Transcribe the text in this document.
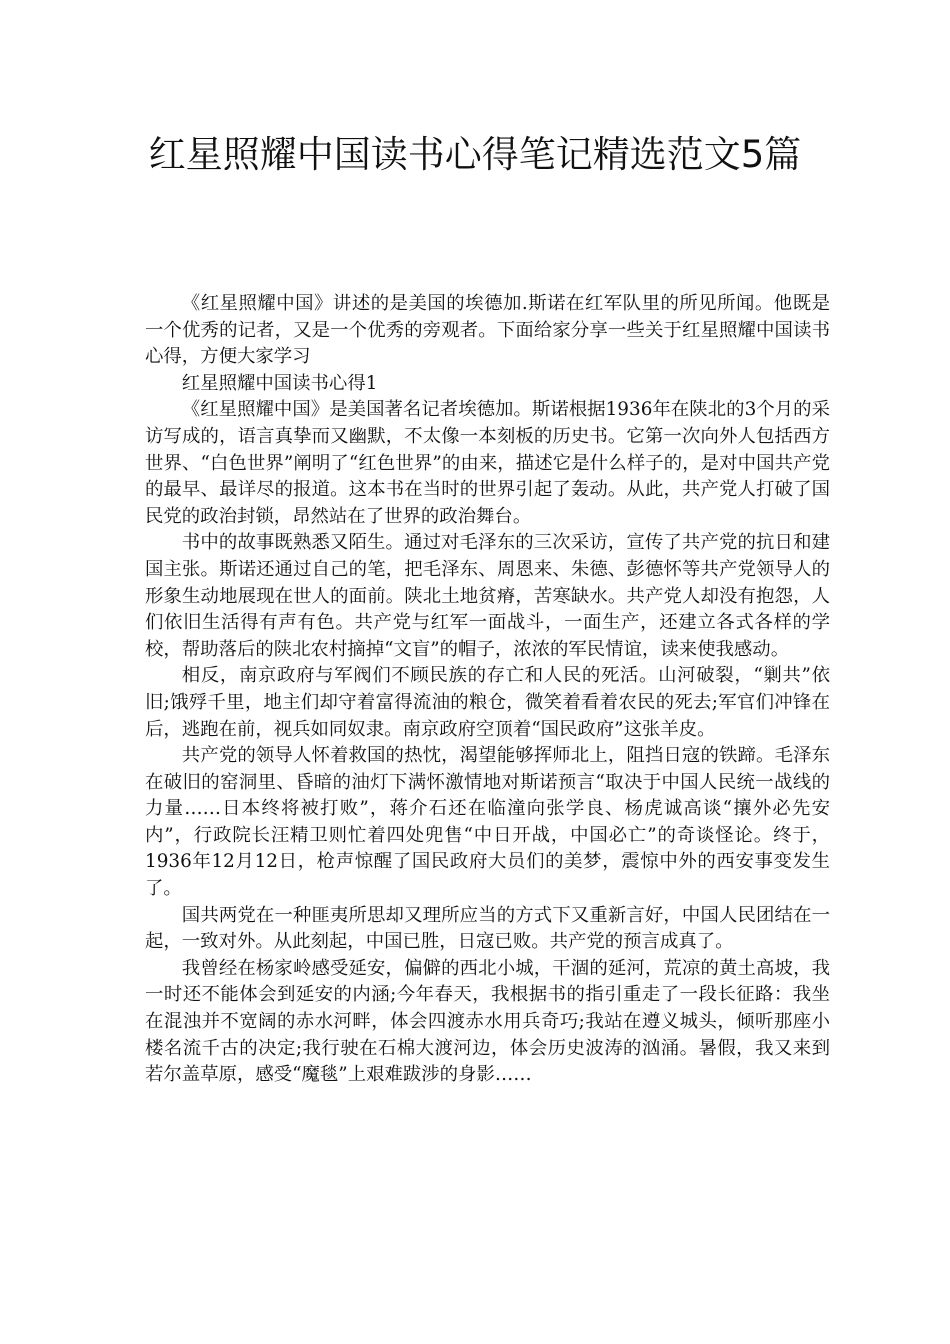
红星照耀中国读书心得笔记精选范文5篇

《红星照耀中国》讲述的是美国的埃德加.斯诺在红军队里的所见所闻。他既是一个优秀的记者，又是一个优秀的旁观者。下面给家分享一些关于红星照耀中国读书心得，方便大家学习

红星照耀中国读书心得1

《红星照耀中国》是美国著名记者埃德加。斯诺根据1936年在陕北的3个月的采访写成的，语言真挚而又幽默，不太像一本刻板的历史书。它第一次向外人包括西方世界、“白色世界”阐明了“红色世界”的由来，描述它是什么样子的，是对中国共产党的最早、最详尽的报道。这本书在当时的世界引起了轰动。从此，共产党人打破了国民党的政治封锁，昂然站在了世界的政治舞台。

书中的故事既熟悉又陌生。通过对毛泽东的三次采访，宣传了共产党的抗日和建国主张。斯诺还通过自己的笔，把毛泽东、周恩来、朱德、彭德怀等共产党领导人的形象生动地展现在世人的面前。陕北土地贫瘠，苦寒缺水。共产党人却没有抱怨，人们依旧生活得有声有色。共产党与红军一面战斗，一面生产，还建立各式各样的学校，帮助落后的陕北农村摘掉“文盲”的帽子，浓浓的军民情谊，读来使我感动。

相反，南京政府与军阀们不顾民族的存亡和人民的死活。山河破裂，“剿共”依旧;饿殍千里，地主们却守着富得流油的粮仓，微笑着看着农民的死去;军官们冲锋在后，逃跑在前，视兵如同奴隶。南京政府空顶着“国民政府”这张羊皮。

共产党的领导人怀着救国的热忱，渴望能够挥师北上，阻挡日寇的铁蹄。毛泽东在破旧的窑洞里、昏暗的油灯下满怀激情地对斯诺预言“取决于中国人民统一战线的力量……日本终将被打败”，蒋介石还在临潼向张学良、杨虎诚高谈“攘外必先安内”，行政院长汪精卫则忙着四处兜售“中日开战，中国必亡”的奇谈怪论。终于，1936年12月12日，枪声惊醒了国民政府大员们的美梦，震惊中外的西安事变发生了。

国共两党在一种匪夷所思却又理所应当的方式下又重新言好，中国人民团结在一起，一致对外。从此刻起，中国已胜，日寇已败。共产党的预言成真了。

我曾经在杨家岭感受延安，偏僻的西北小城，干涸的延河，荒凉的黄土高坡，我一时还不能体会到延安的内涵;今年春天，我根据书的指引重走了一段长征路：我坐在混浊并不宽阔的赤水河畔，体会四渡赤水用兵奇巧;我站在遵义城头，倾听那座小楼名流千古的决定;我行驶在石棉大渡河边，体会历史波涛的汹涌。暑假，我又来到若尔盖草原，感受“魔毯”上艰难跋涉的身影……
